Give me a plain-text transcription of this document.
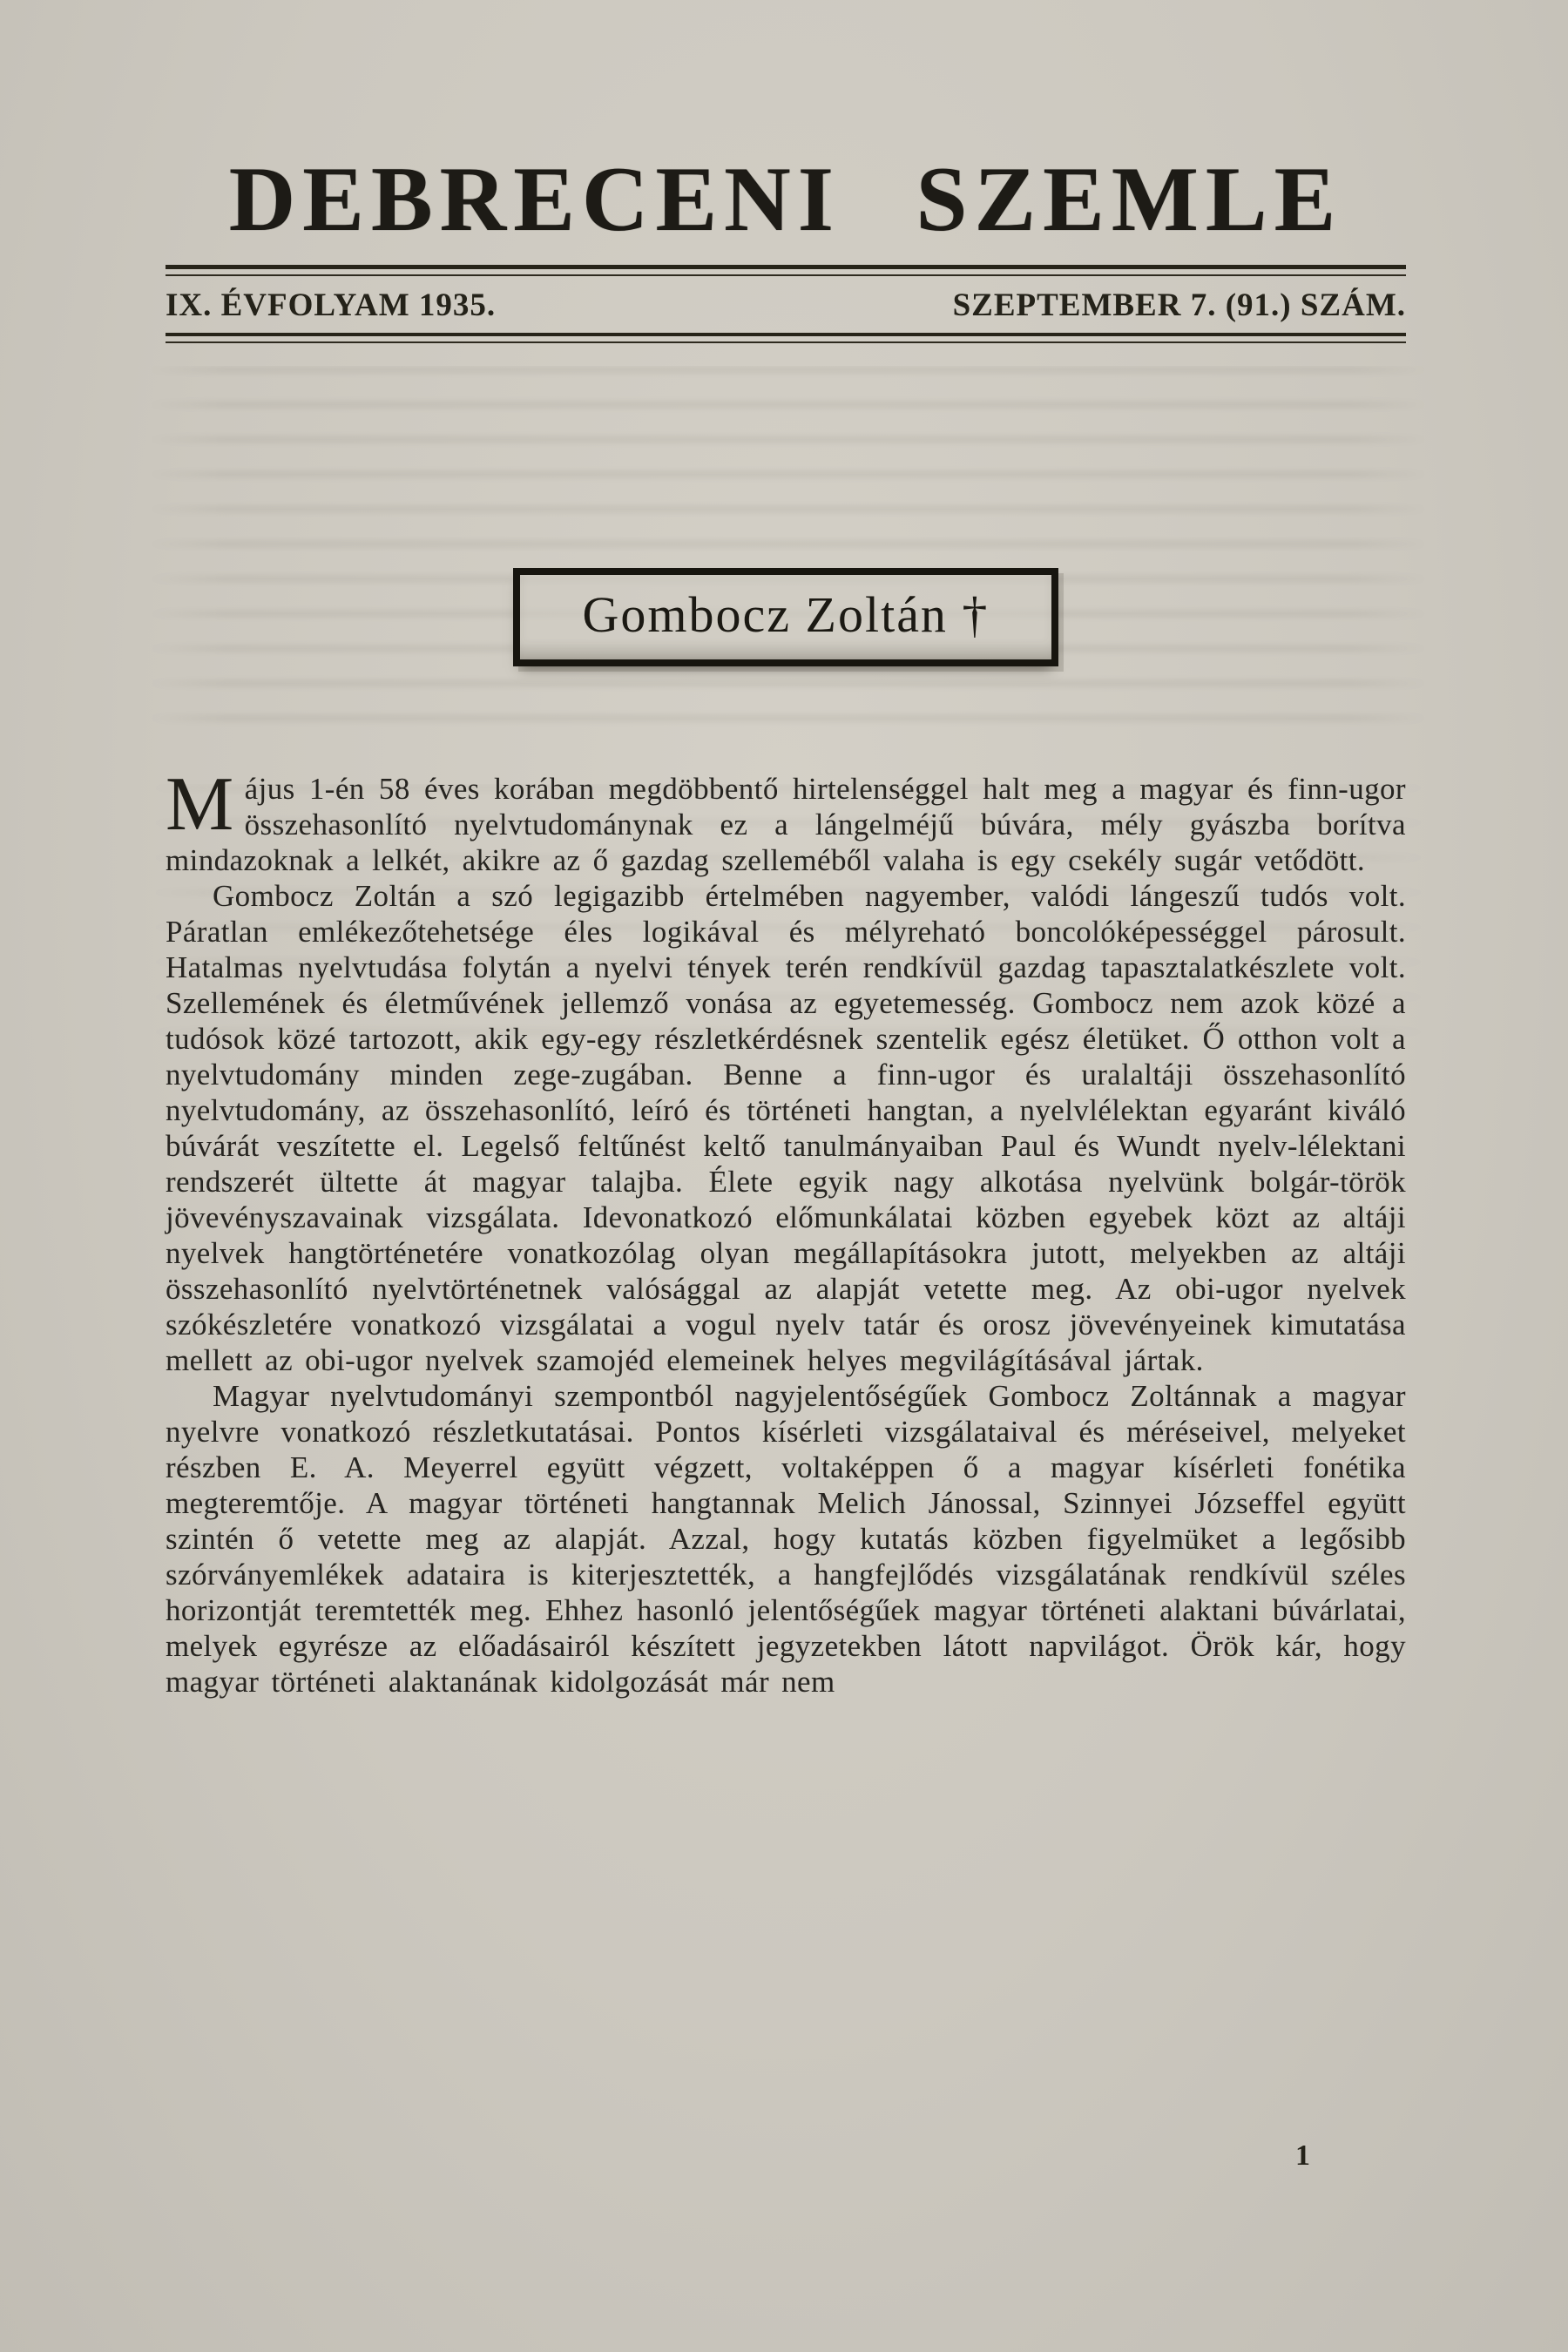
DEBRECENI SZEMLE
IX. ÉVFOLYAM 1935.	SZEPTEMBER 7. (91.) SZÁM.
Gombocz Zoltán †

Május 1-én 58 éves korában megdöbbentő hirtelenséggel halt meg a magyar és finn-ugor összehasonlító nyelvtudománynak ez a lángelméjű búvára, mély gyászba borítva mindazoknak a lelkét, akikre az ő gazdag szelleméből valaha is egy csekély sugár vetődött.

Gombocz Zoltán a szó legigazibb értelmében nagyember, valódi lángeszű tudós volt. Páratlan emlékezőtehetsége éles logikával és mélyreható boncolóképességgel párosult. Hatalmas nyelvtudása folytán a nyelvi tények terén rendkívül gazdag tapasztalatkészlete volt. Szellemének és életművének jellemző vonása az egyetemesség. Gombocz nem azok közé a tudósok közé tartozott, akik egy-egy részletkérdésnek szentelik egész életüket. Ő otthon volt a nyelvtudomány minden zege-zugában. Benne a finn-ugor és uralaltáji összehasonlító nyelvtudomány, az összehasonlító, leíró és történeti hangtan, a nyelvlélektan egyaránt kiváló búvárát veszítette el. Legelső feltűnést keltő tanulmányaiban Paul és Wundt nyelv-lélektani rendszerét ültette át magyar talajba. Élete egyik nagy alkotása nyelvünk bolgár-török jövevényszavainak vizsgálata. Idevonatkozó előmunkálatai közben egyebek közt az altáji nyelvek hangtörténetére vonatkozólag olyan megállapításokra jutott, melyekben az altáji összehasonlító nyelvtörténetnek valósággal az alapját vetette meg. Az obi-ugor nyelvek szókészletére vonatkozó vizsgálatai a vogul nyelv tatár és orosz jövevényeinek kimutatása mellett az obi-ugor nyelvek szamojéd elemeinek helyes megvilágításával jártak.

Magyar nyelvtudományi szempontból nagyjelentőségűek Gombocz Zoltánnak a magyar nyelvre vonatkozó részletkutatásai. Pontos kísérleti vizsgálataival és méréseivel, melyeket részben E. A. Meyerrel együtt végzett, voltaképpen ő a magyar kísérleti fonétika megteremtője. A magyar történeti hangtannak Melich Jánossal, Szinnyei Józseffel együtt szintén ő vetette meg az alapját. Azzal, hogy kutatás közben figyelmüket a legősibb szórványemlékek adataira is kiterjesztették, a hangfejlődés vizsgálatának rendkívül széles horizontját teremtették meg. Ehhez hasonló jelentőségűek magyar történeti alaktani búvárlatai, melyek egyrésze az előadásairól készített jegyzetekben látott napvilágot. Örök kár, hogy magyar történeti alaktanának kidolgozását már nem

1
